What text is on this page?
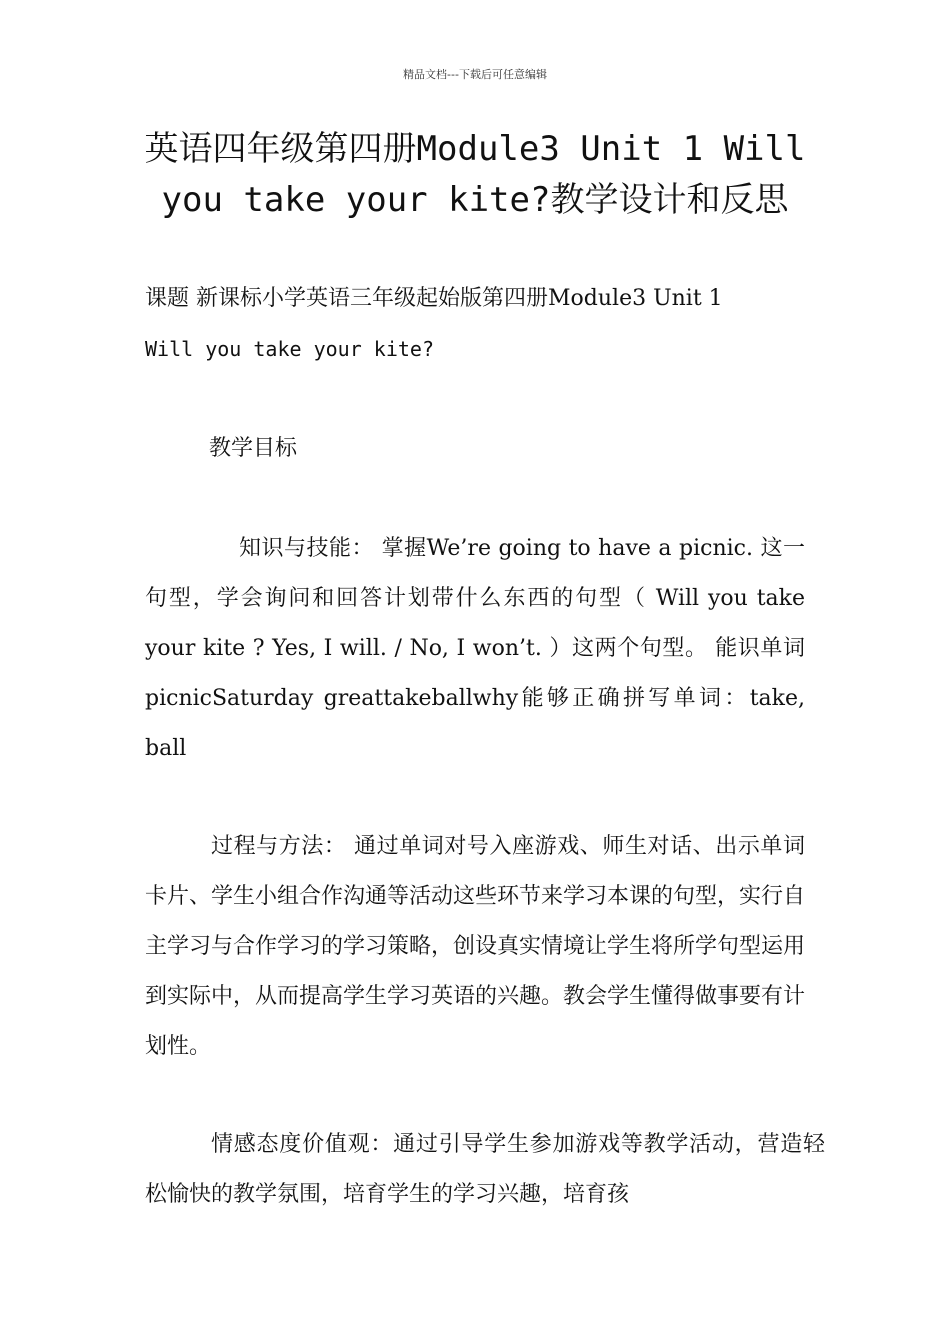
精品文档---下载后可任意编辑
英语四年级第四册Module3 Unit 1 Will you take your kite?教学设计和反思

课题 新课标小学英语三年级起始版第四册Module3 Unit 1
Will you take your kite?

教学目标

知识与技能： 掌握We’re going to have a picnic. 这一句型，学会询问和回答计划带什么东西的句型（ Will you take your kite ? Yes, I will. / No, I won’t. ）这两个句型。 能识单词picnicSaturday greattakeballwhy能够正确拼写单词：take, ball

过程与方法： 通过单词对号入座游戏、师生对话、出示单词卡片、学生小组合作沟通等活动这些环节来学习本课的句型，实行自主学习与合作学习的学习策略，创设真实情境让学生将所学句型运用到实际中，从而提高学生学习英语的兴趣。教会学生懂得做事要有计划性。

情感态度价值观：通过引导学生参加游戏等教学活动，营造轻松愉快的教学氛围，培育学生的学习兴趣，培育孩
